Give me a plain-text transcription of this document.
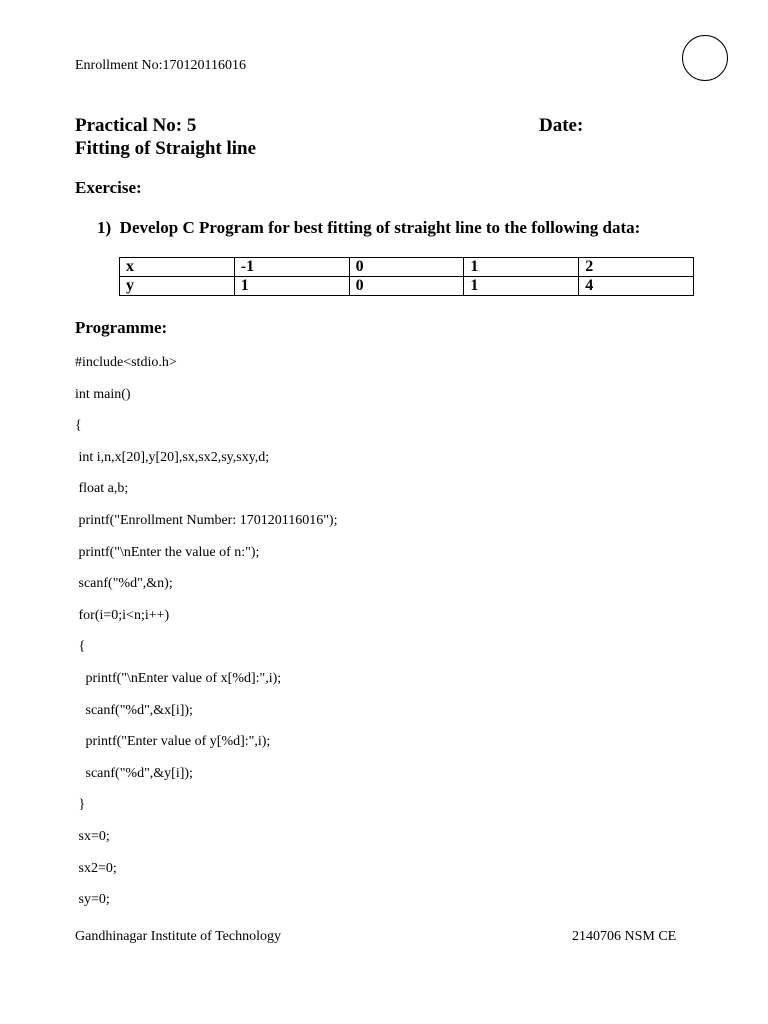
Enrollment No:170120116016
Practical No: 5	Date:
Fitting of Straight line
Exercise:
1)  Develop C Program for best fitting of straight line to the following data:
x	-1	0	1	2
y	1	0	1	4
Programme:
#include<stdio.h>
int main()
{
int i,n,x[20],y[20],sx,sx2,sy,sxy,d;
float a,b;
printf("Enrollment Number: 170120116016");
printf("\nEnter the value of n:");
scanf("%d",&n);
for(i=0;i<n;i++)
{
printf("\nEnter value of x[%d]:",i);
scanf("%d",&x[i]);
printf("Enter value of y[%d]:",i);
scanf("%d",&y[i]);
}
sx=0;
sx2=0;
sy=0;
Gandhinagar Institute of Technology	2140706 NSM CE
